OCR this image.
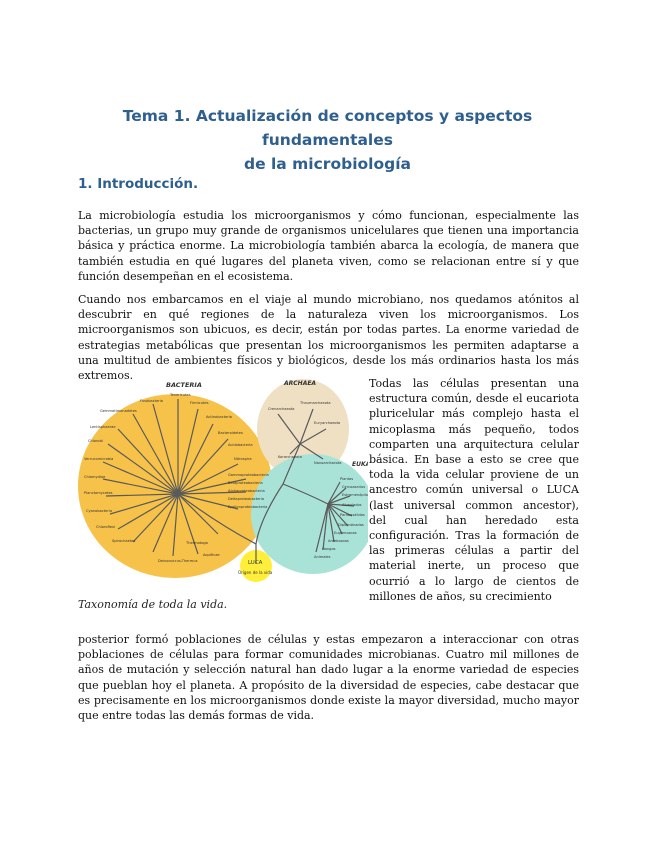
Tema 1. Actualización de conceptos y aspectos fundamentales
de la microbiología
1. Introducción.

La microbiología estudia los microorganismos y cómo funcionan, especialmente las bacterias, un grupo muy grande de organismos unicelulares que tienen una importancia básica y práctica enorme. La microbiología también abarca la ecología, de manera que también estudia en qué lugares del planeta viven, como se relacionan entre sí y que función desempeñan en el ecosistema.

Cuando nos embarcamos en el viaje al mundo microbiano, nos quedamos atónitos al descubrir en qué regiones de la naturaleza viven los microorganismos. Los microorganismos son ubicuos, es decir, están por todas partes. La enorme variedad de estrategias metabólicas que presentan los microorganismos les permiten adaptarse a una multitud de ambientes físicos y biológicos, desde los más ordinarios hasta los más extremos.

BACTERIA	ARCHAEA
EUK
LUCA
Origen de la vida
Tenericutes
Fusobacteria
Gemmatimonadetes
Lentisphaerae
Chlorobi
Verrucomicrobia
Chlamydiae
Planctomycetes
Cyanobacteria
Chloroflexi
Spirochaetes	Thermotoga
Deinococcus-Thermus
Aquificae
Firmicutes
Actinobacteria
Bacteroidetes
Acidobacteria
Nitrospira
Gammaproteobacteria
Betaproteobacteria
Alphaproteobacteria
Deltaproteobacteria
Epsilonproteobacteria
Crenarchaeota
Thaumarchaeota
Euryarchaeota
Korarchaeota
Nanoarchaeota
Plantas
Cercozoarios
Estramenópilos
Alveolados
Parabasálidos
Diplomónadas
Euglenozoos
Amebozoos
Hongos
Animales
Taxonomía de toda la vida.

Todas las células presentan una estructura común, desde el eucariota pluricelular más complejo hasta el micoplasma más pequeño, todos comparten una arquitectura celular básica. En base a esto se cree que toda la vida celular proviene de un ancestro común universal o LUCA (last universal common ancestor), del cual han heredado esta configuración. Tras la formación de las primeras células a partir del material inerte, un proceso que ocurrió a lo largo de cientos de millones de años, su crecimiento

posterior formó poblaciones de células y estas empezaron a interaccionar con otras poblaciones de células para formar comunidades microbianas. Cuatro mil millones de años de mutación y selección natural han dado lugar a la enorme variedad de especies que pueblan hoy el planeta. A propósito de la diversidad de especies, cabe destacar que es precisamente en los microorganismos donde existe la mayor diversidad, mucho mayor que entre todas las demás formas de vida.
